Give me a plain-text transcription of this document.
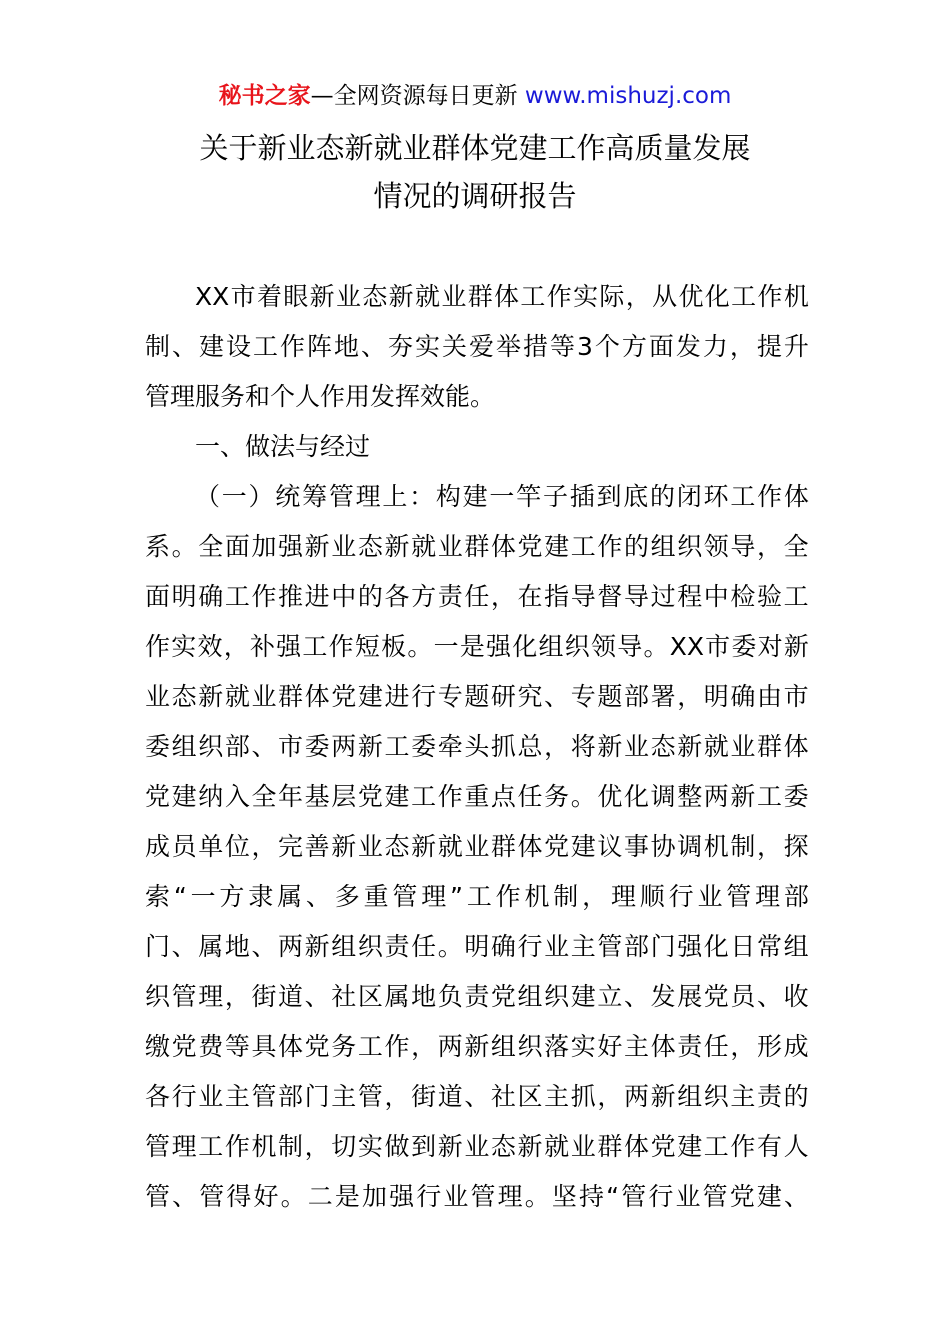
秘书之家—全网资源每日更新 www.mishuzj.com
关于新业态新就业群体党建工作高质量发展
情况的调研报告
XX 市 着 眼 新 业 态 新 就 业 群 体 工 作 实 际 ， 从 优 化 工 作 机
制 、 建 设 工 作 阵 地 、 夯 实 关 爱 举 措 等 3 个 方 面 发 力 ， 提 升
管理服务和个人作用发挥效能。
一、做法与经过
（ 一 ） 统 筹 管 理 上 ： 构 建 一 竿 子 插 到 底 的 闭 环 工 作 体
系 。 全 面 加 强 新 业 态 新 就 业 群 体 党 建 工 作 的 组 织 领 导 ， 全
面 明 确 工 作 推 进 中 的 各 方 责 任 ， 在 指 导 督 导 过 程 中 检 验 工
作 实 效 ， 补 强 工 作 短 板 。 一 是 强 化 组 织 领 导 。 XX 市 委 对 新
业 态 新 就 业 群 体 党 建 进 行 专 题 研 究 、 专 题 部 署 ， 明 确 由 市
委 组 织 部 、 市 委 两 新 工 委 牵 头 抓 总 ， 将 新 业 态 新 就 业 群 体
党 建 纳 入 全 年 基 层 党 建 工 作 重 点 任 务 。 优 化 调 整 两 新 工 委
成 员 单 位 ， 完 善 新 业 态 新 就 业 群 体 党 建 议 事 协 调 机 制 ， 探
索 “ 一 方 隶 属 、 多 重 管 理 ” 工 作 机 制 ， 理 顺 行 业 管 理 部
门 、 属 地 、 两 新 组 织 责 任 。 明 确 行 业 主 管 部 门 强 化 日 常 组
织 管 理 ， 街 道 、 社 区 属 地 负 责 党 组 织 建 立 、 发 展 党 员 、 收
缴 党 费 等 具 体 党 务 工 作 ， 两 新 组 织 落 实 好 主 体 责 任 ， 形 成
各 行 业 主 管 部 门 主 管 ， 街 道 、 社 区 主 抓 ， 两 新 组 织 主 责 的
管 理 工 作 机 制 ， 切 实 做 到 新 业 态 新 就 业 群 体 党 建 工 作 有 人
管 、 管 得 好 。 二 是 加 强 行 业 管 理 。 坚 持 “ 管 行 业 管 党 建 、
